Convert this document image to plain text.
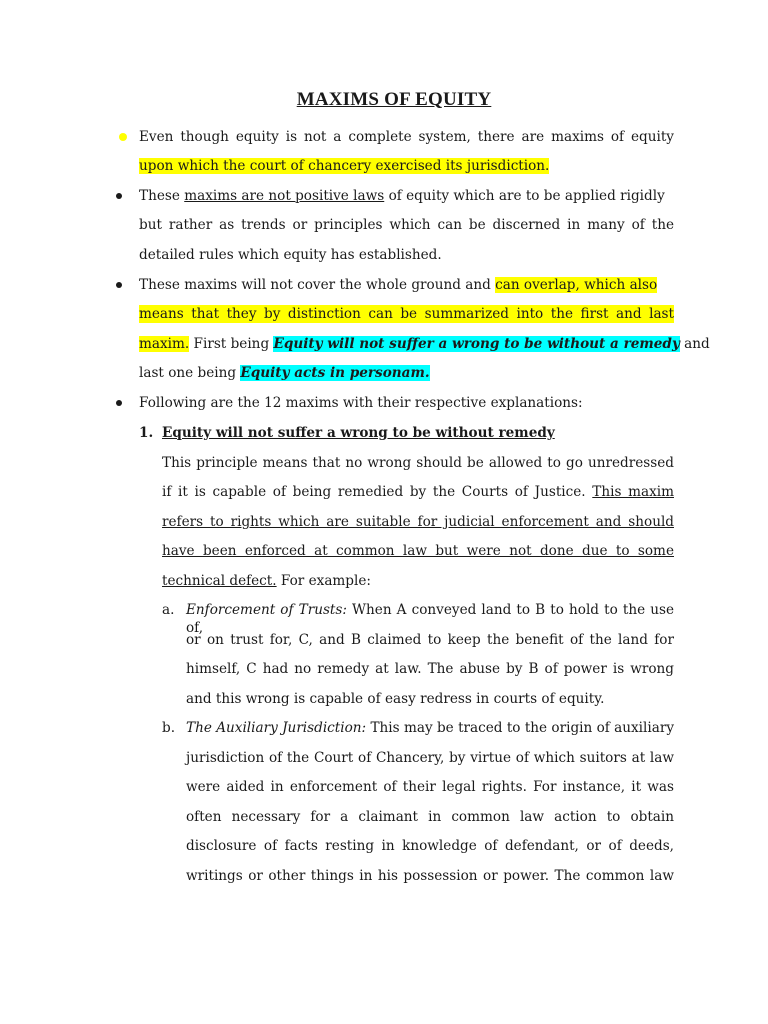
MAXIMS OF EQUITY
Even though equity is not a complete system, there are maxims of equity
upon which the court of chancery exercised its jurisdiction.
These maxims are not positive laws of equity which are to be applied rigidly
but rather as trends or principles which can be discerned in many of the
detailed rules which equity has established.
These maxims will not cover the whole ground and can overlap, which also
means that they by distinction can be summarized into the first and last
maxim. First being Equity will not suffer a wrong to be without a remedy and
last one being Equity acts in personam.
Following are the 12 maxims with their respective explanations:
1. Equity will not suffer a wrong to be without remedy
This principle means that no wrong should be allowed to go unredressed
if it is capable of being remedied by the Courts of Justice. This maxim
refers to rights which are suitable for judicial enforcement and should
have been enforced at common law but were not done due to some
technical defect. For example:
a. Enforcement of Trusts: When A conveyed land to B to hold to the use of,
or on trust for, C, and B claimed to keep the benefit of the land for
himself, C had no remedy at law. The abuse by B of power is wrong
and this wrong is capable of easy redress in courts of equity.
b. The Auxiliary Jurisdiction: This may be traced to the origin of auxiliary
jurisdiction of the Court of Chancery, by virtue of which suitors at law
were aided in enforcement of their legal rights. For instance, it was
often necessary for a claimant in common law action to obtain
disclosure of facts resting in knowledge of defendant, or of deeds,
writings or other things in his possession or power. The common law
